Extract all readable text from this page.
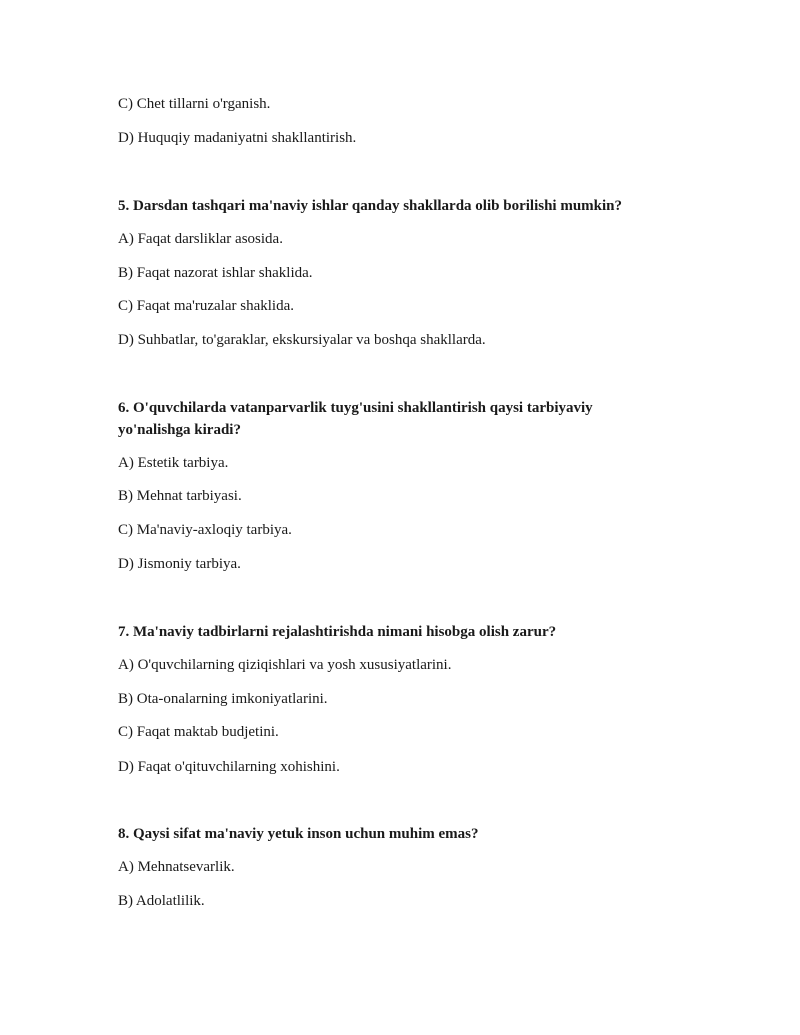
C) Chet tillarni o'rganish.
D) Huquqiy madaniyatni shakllantirish.
5. Darsdan tashqari ma'naviy ishlar qanday shakllarda olib borilishi mumkin?
A) Faqat darsliklar asosida.
B) Faqat nazorat ishlar shaklida.
C) Faqat ma'ruzalar shaklida.
D) Suhbatlar, to'garaklar, ekskursiyalar va boshqa shakllarda.
6. O'quvchilarda vatanparvarlik tuyg'usini shakllantirish qaysi tarbiyaviy yo'nalishga kiradi?
A) Estetik tarbiya.
B) Mehnat tarbiyasi.
C) Ma'naviy-axloqiy tarbiya.
D) Jismoniy tarbiya.
7. Ma'naviy tadbirlarni rejalashtirishda nimani hisobga olish zarur?
A) O'quvchilarning qiziqishlari va yosh xususiyatlarini.
B) Ota-onalarning imkoniyatlarini.
C) Faqat maktab budjetini.
D) Faqat o'qituvchilarning xohishini.
8. Qaysi sifat ma'naviy yetuk inson uchun muhim emas?
A) Mehnatsevarlik.
B) Adolatlilik.
